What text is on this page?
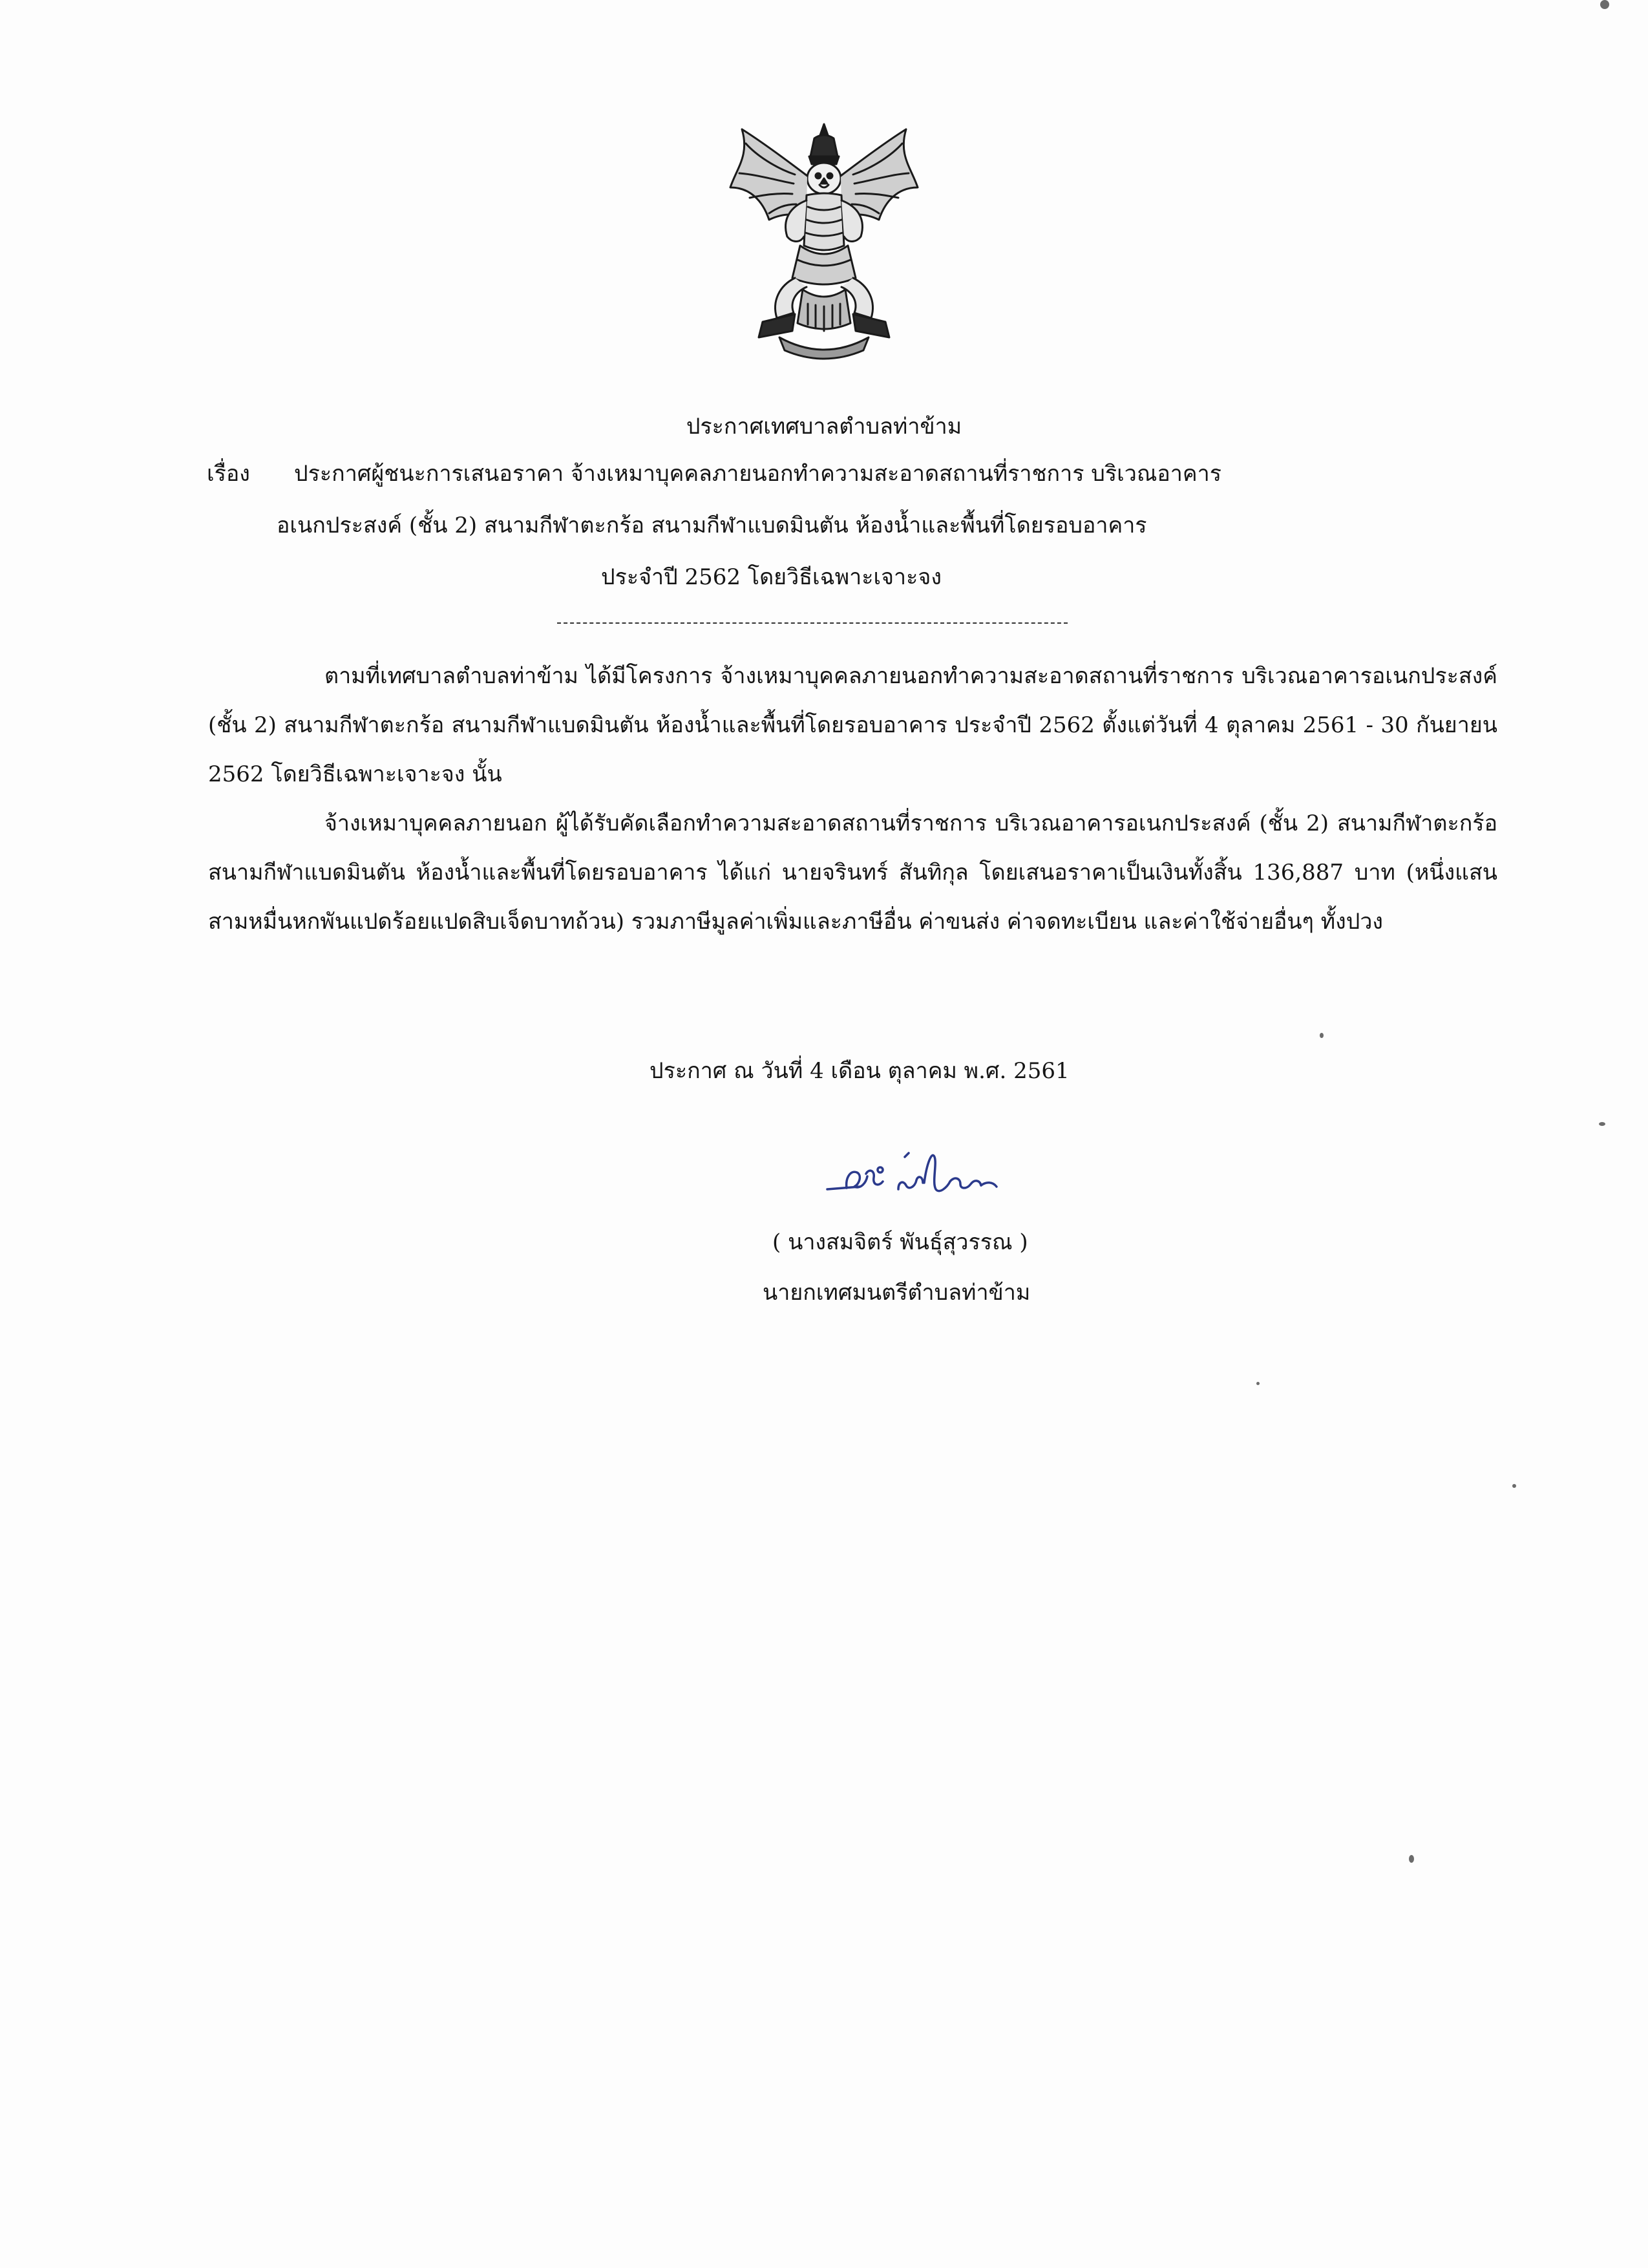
ประกาศเทศบาลตำบลท่าข้าม
เรื่อง ประกาศผู้ชนะการเสนอราคา จ้างเหมาบุคคลภายนอกทำความสะอาดสถานที่ราชการ บริเวณอาคาร
อเนกประสงค์ (ชั้น 2) สนามกีฬาตะกร้อ สนามกีฬาแบดมินตัน ห้องน้ำและพื้นที่โดยรอบอาคาร
ประจำปี 2562 โดยวิธีเฉพาะเจาะจง
ตามที่เทศบาลตำบลท่าข้าม ได้มีโครงการ จ้างเหมาบุคคลภายนอกทำความสะอาดสถานที่ราชการ บริเวณอาคารอเนกประสงค์ (ชั้น 2) สนามกีฬาตะกร้อ สนามกีฬาแบดมินตัน ห้องน้ำและพื้นที่โดยรอบอาคาร ประจำปี 2562 ตั้งแต่วันที่ 4 ตุลาคม 2561 - 30 กันยายน 2562 โดยวิธีเฉพาะเจาะจง นั้น
จ้างเหมาบุคคลภายนอก ผู้ได้รับคัดเลือกทำความสะอาดสถานที่ราชการ บริเวณอาคารอเนกประสงค์ (ชั้น 2) สนามกีฬาตะกร้อ สนามกีฬาแบดมินตัน ห้องน้ำและพื้นที่โดยรอบอาคาร ได้แก่ นายจรินทร์ สันทิกุล โดยเสนอราคาเป็นเงินทั้งสิ้น 136,887 บาท (หนึ่งแสนสามหมื่นหกพันแปดร้อยแปดสิบเจ็ดบาทถ้วน) รวมภาษีมูลค่าเพิ่มและภาษีอื่น ค่าขนส่ง ค่าจดทะเบียน และค่าใช้จ่ายอื่นๆ ทั้งปวง
ประกาศ ณ วันที่ 4 เดือน ตุลาคม พ.ศ. 2561
( นางสมจิตร์ พันธุ์สุวรรณ )
นายกเทศมนตรีตำบลท่าข้าม
